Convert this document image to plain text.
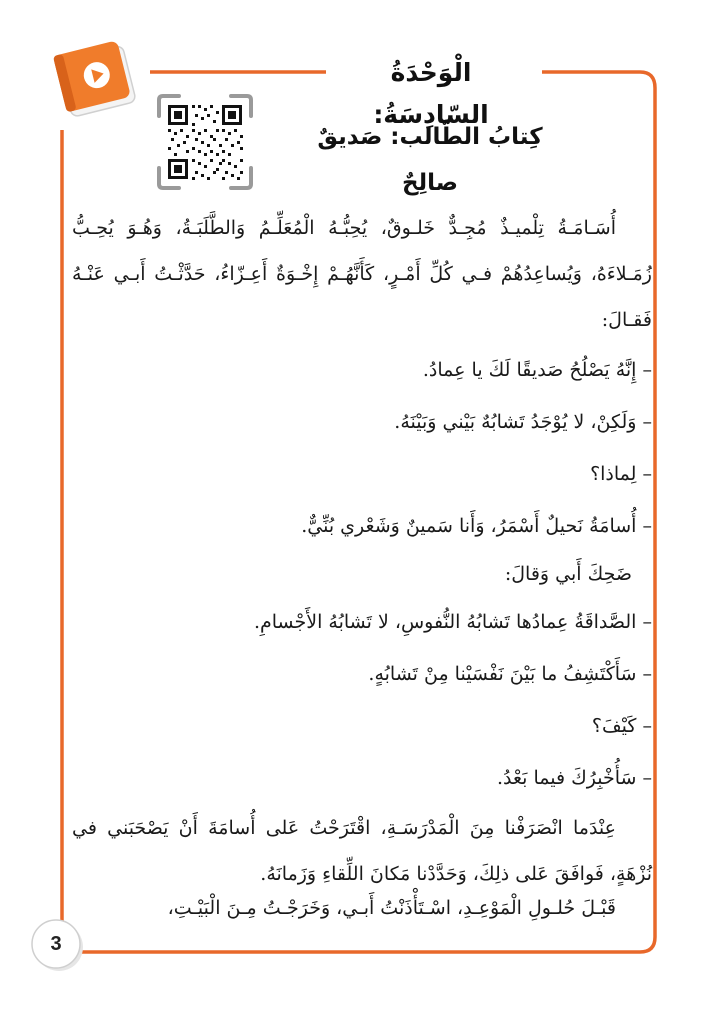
الْوَحْدَةُ السّادِسَةُ:
كِتابُ الطّالب: صَديقٌ صالِحٌ
أُسَـامَـةُ تِلْميـذٌ مُجِـدٌّ خَلـوقٌ، يُحِبُّـهُ الْمُعَلِّـمُ وَالطَّلَبَـةُ، وَهُـوَ يُحِـبُّ زُمَـلاءَهُ، وَيُساعِدُهُمْ فـي كُلِّ أَمْـرٍ، كَأَنَّهُـمْ إِخْـوَةٌ أَعِـزّاءُ، حَدَّثْـتُ أَبـي عَنْـهُ فَقـالَ:
– إِنَّهُ يَصْلُحُ صَديقًا لَكَ يا عِمادُ.
– وَلَكِنْ، لا يُوْجَدُ تَشابُهٌ بَيْني وَبَيْنَهُ.
– لِماذا؟
– أُسامَةُ نَحيلٌ أَسْمَرُ، وَأَنا سَمينٌ وَشَعْري بُنِّيٌّ.
ضَحِكَ أَبي وَقالَ:
– الصَّداقَةُ عِمادُها تَشابُهُ النُّفوسِ، لا تَشابُهُ الأَجْسامِ.
– سَأَكْتَشِفُ ما بَيْنَ نَفْسَيْنا مِنْ تَشابُهٍ.
– كَيْفَ؟
– سَأُخْبِرُكَ فيما بَعْدُ.
عِنْدَما انْصَرَفْنا مِنَ الْمَدْرَسَـةِ، اقْتَرَحْتُ عَلى أُسامَةَ أَنْ يَصْحَبَني في نُزْهَةٍ، فَوافَقَ عَلى ذلِكَ، وَحَدَّدْنا مَكانَ اللِّقاءِ وَزَمانَهُ.
قَبْـلَ حُلـولِ الْمَوْعِـدِ، اسْـتَأْذَنْتُ أَبـي، وَخَرَجْـتُ مِـنَ الْبَيْـتِ،
3
